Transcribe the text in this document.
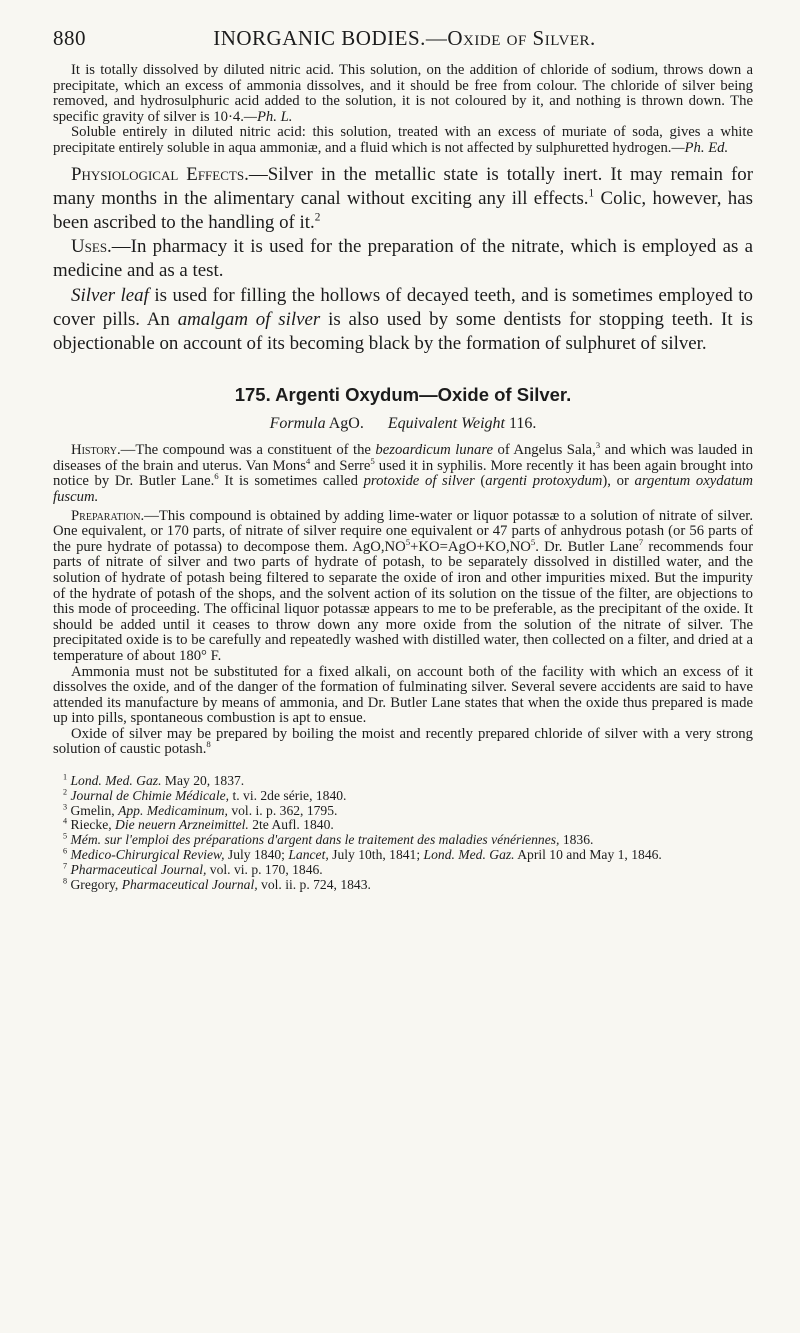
880	INORGANIC BODIES.—Oxide of Silver.

It is totally dissolved by diluted nitric acid. This solution, on the addition of chloride of sodium, throws down a precipitate, which an excess of ammonia dissolves, and it should be free from colour. The chloride of silver being removed, and hydrosulphuric acid added to the solution, it is not coloured by it, and nothing is thrown down. The specific gravity of silver is 10·4.—Ph. L.

Soluble entirely in diluted nitric acid: this solution, treated with an excess of muriate of soda, gives a white precipitate entirely soluble in aqua ammoniæ, and a fluid which is not affected by sulphuretted hydrogen.—Ph. Ed.

Physiological Effects.—Silver in the metallic state is totally inert. It may remain for many months in the alimentary canal without exciting any ill effects.$^1$ Colic, however, has been ascribed to the handling of it.$^2$

Uses.—In pharmacy it is used for the preparation of the nitrate, which is employed as a medicine and as a test.

Silver leaf is used for filling the hollows of decayed teeth, and is sometimes employed to cover pills. An amalgam of silver is also used by some dentists for stopping teeth. It is objectionable on account of its becoming black by the formation of sulphuret of silver.

175. Argenti Oxydum—Oxide of Silver.
Formula AgO. Equivalent Weight 116.

History.—The compound was a constituent of the bezoardicum lunare of Angelus Sala,$^3$ and which was lauded in diseases of the brain and uterus. Van Mons$^4$ and Serre$^5$ used it in syphilis. More recently it has been again brought into notice by Dr. Butler Lane.$^6$ It is sometimes called protoxide of silver (argenti protoxydum), or argentum oxydatum fuscum.

Preparation.—This compound is obtained by adding lime-water or liquor potassæ to a solution of nitrate of silver. One equivalent, or 170 parts, of nitrate of silver require one equivalent or 47 parts of anhydrous potash (or 56 parts of the pure hydrate of potassa) to decompose them. $AgO,NO^5+KO=AgO+KO,NO^5$. Dr. Butler Lane$^7$ recommends four parts of nitrate of silver and two parts of hydrate of potash, to be separately dissolved in distilled water, and the solution of hydrate of potash being filtered to separate the oxide of iron and other impurities mixed. But the impurity of the hydrate of potash of the shops, and the solvent action of its solution on the tissue of the filter, are objections to this mode of proceeding. The officinal liquor potassæ appears to me to be preferable, as the precipitant of the oxide. It should be added until it ceases to throw down any more oxide from the solution of the nitrate of silver. The precipitated oxide is to be carefully and repeatedly washed with distilled water, then collected on a filter, and dried at a temperature of about 180° F.

Ammonia must not be substituted for a fixed alkali, on account both of the facility with which an excess of it dissolves the oxide, and of the danger of the formation of fulminating silver. Several severe accidents are said to have attended its manufacture by means of ammonia, and Dr. Butler Lane states that when the oxide thus prepared is made up into pills, spontaneous combustion is apt to ensue.

Oxide of silver may be prepared by boiling the moist and recently prepared chloride of silver with a very strong solution of caustic potash.$^8$

$^1$ Lond. Med. Gaz. May 20, 1837.

$^2$ Journal de Chimie Médicale, t. vi. 2de série, 1840.

$^3$ Gmelin, App. Medicaminum, vol. i. p. 362, 1795.

$^4$ Riecke, Die neuern Arzneimittel. 2te Aufl. 1840.

$^5$ Mém. sur l'emploi des préparations d'argent dans le traitement des maladies vénériennes, 1836.

$^6$ Medico-Chirurgical Review, July 1840; Lancet, July 10th, 1841; Lond. Med. Gaz. April 10 and May 1, 1846.

$^7$ Pharmaceutical Journal, vol. vi. p. 170, 1846.

$^8$ Gregory, Pharmaceutical Journal, vol. ii. p. 724, 1843.
